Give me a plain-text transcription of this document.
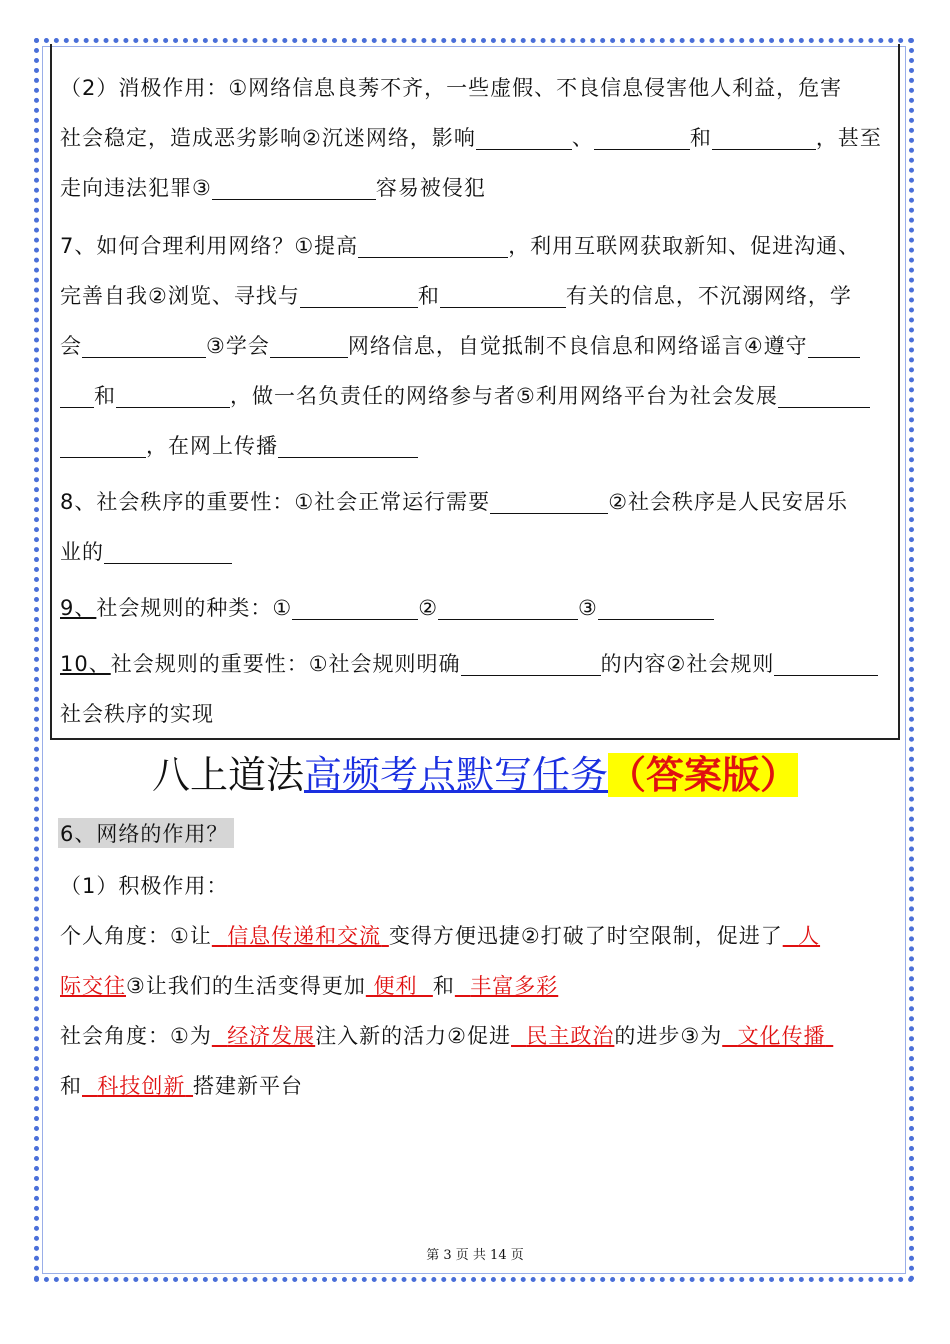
（2）消极作用：①网络信息良莠不齐，一些虚假、不良信息侵害他人利益，危害
社会稳定，造成恶劣影响②沉迷网络，影响	、	和	，甚至
走向违法犯罪③	容易被侵犯
7、如何合理利用网络？①提高	，利用互联网获取新知、促进沟通、
完善自我②浏览、寻找与	和	有关的信息，不沉溺网络，学
会	③学会	网络信息，自觉抵制不良信息和网络谣言④遵守
和	，做一名负责任的网络参与者⑤利用网络平台为社会发展
，在网上传播
8、社会秩序的重要性：①社会正常运行需要	②社会秩序是人民安居乐
业的
9、社会规则的种类：①	②	③
10、社会规则的重要性：①社会规则明确	的内容②社会规则
社会秩序的实现
八上道法高频考点默写任务（答案版）
6、网络的作用？
（1）积极作用：
个人角度：①让 信息传递和交流 变得方便迅捷②打破了时空限制，促进了 人
际交往③让我们的生活变得更加 便利 和 丰富多彩
社会角度：①为 经济发展注入新的活力②促进 民主政治的进步③为 文化传播
和 科技创新 搭建新平台
第 3 页 共 14 页
